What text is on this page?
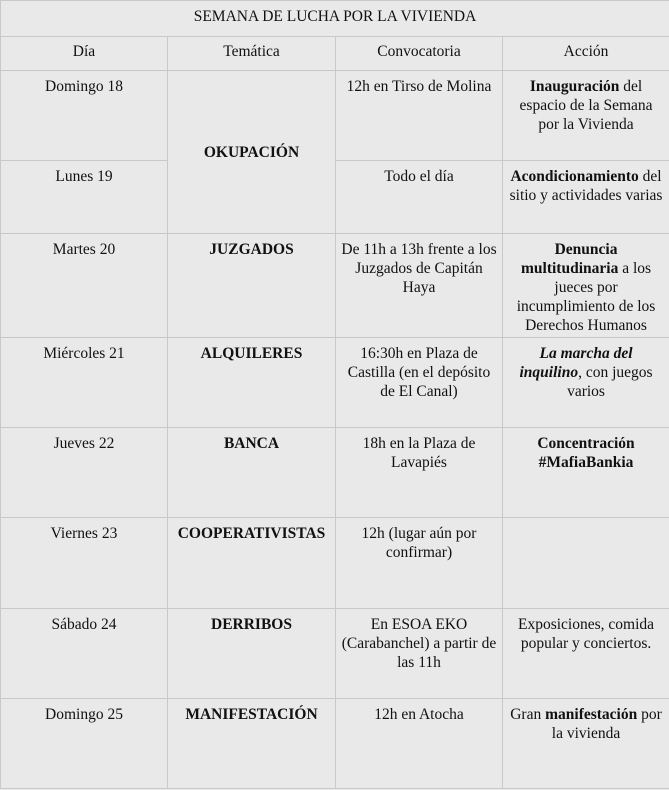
SEMANA DE LUCHA POR LA VIVIENDA			
Día	Temática	Convocatoria	Acción
Domingo 18	OKUPACIÓN	12h en Tirso de Molina	Inauguración del espacio de la Semana por la Vivienda
Lunes 19		Todo el día	Acondicionamiento del sitio y actividades varias
Martes 20	JUZGADOS	De 11h a 13h frente a los Juzgados de Capitán Haya	Denuncia multitudinaria a los jueces por incumplimiento de los Derechos Humanos
Miércoles 21	ALQUILERES	16:30h en Plaza de Castilla (en el depósito de El Canal)	La marcha del inquilino, con juegos varios
Jueves 22	BANCA	18h en la Plaza de Lavapiés	Concentración #MafiaBankia
Viernes 23	COOPERATIVISTAS	12h (lugar aún por confirmar)	
Sábado 24	DERRIBOS	En ESOA EKO (Carabanchel) a partir de las 11h	Exposiciones, comida popular y conciertos.
Domingo 25	MANIFESTACIÓN	12h en Atocha	Gran manifestación por la vivienda
